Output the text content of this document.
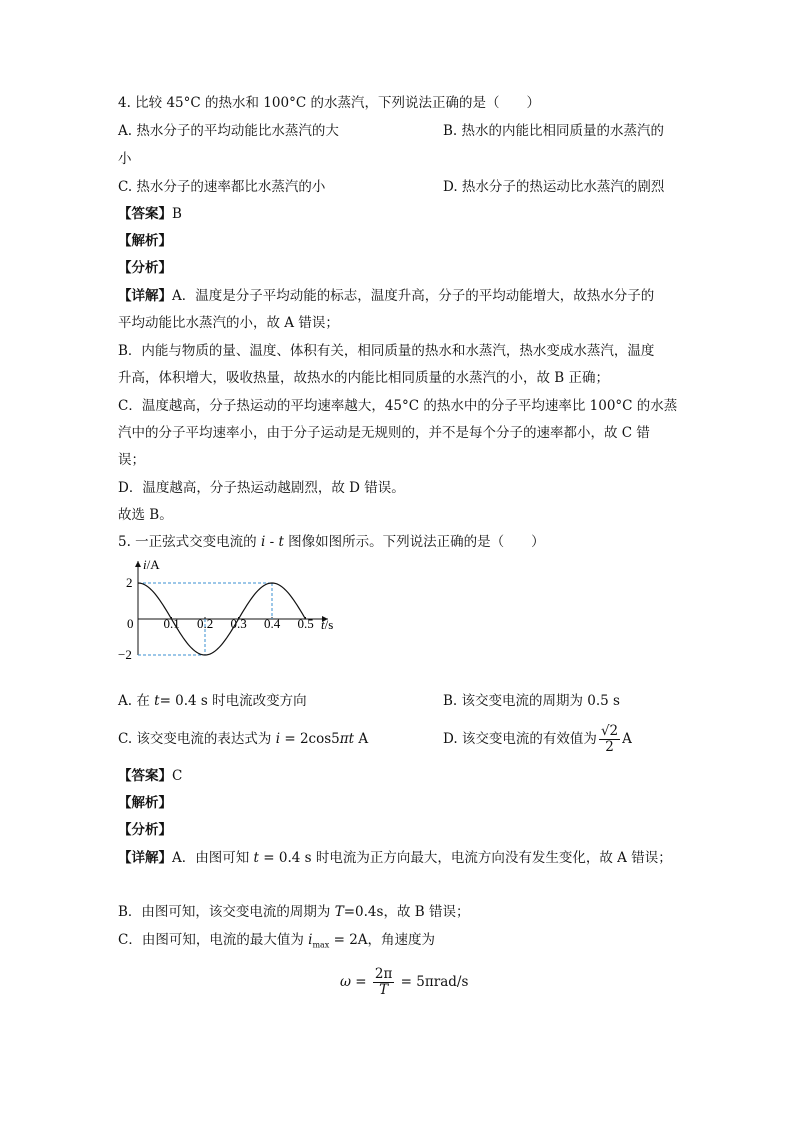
4. 比较 45°C 的热水和 100°C 的水蒸汽，下列说法正确的是（　　）
A. 热水分子的平均动能比水蒸汽的大	B. 热水的内能比相同质量的水蒸汽的
小
C. 热水分子的速率都比水蒸汽的小	D. 热水分子的热运动比水蒸汽的剧烈
【答案】B
【解析】
【分析】
【详解】A．温度是分子平均动能的标志，温度升高，分子的平均动能增大，故热水分子的
平均动能比水蒸汽的小，故 A 错误；
B．内能与物质的量、温度、体积有关，相同质量的热水和水蒸汽，热水变成水蒸汽，温度
升高，体积增大，吸收热量，故热水的内能比相同质量的水蒸汽的小，故 B 正确；
C．温度越高，分子热运动的平均速率越大，45°C 的热水中的分子平均速率比 100°C 的水蒸
汽中的分子平均速率小，由于分子运动是无规则的，并不是每个分子的速率都小，故 C 错
误；
D．温度越高，分子热运动越剧烈，故 D 错误。
故选 B。
5. 一正弦式交变电流的 i - t 图像如图所示。下列说法正确的是（　　）
i/A
t/s
0
2
−2
0.1 0.2 0.3 0.4 0.5
A. 在 t= 0.4 s 时电流改变方向	B. 该交变电流的周期为 0.5 s
C. 该交变电流的表达式为 i = 2cos5πt A	D. 该交变电流的有效值为 $\frac{√2}{2}$ A
【答案】C
【解析】
【分析】
【详解】A．由图可知 t = 0.4 s 时电流为正方向最大，电流方向没有发生变化，故 A 错误；
B．由图可知，该交变电流的周期为 T=0.4s，故 B 错误；
C．由图可知，电流的最大值为 $i_{max} = 2A$，角速度为
$\omega = \frac{2\pi}{T} = 5\pi rad/s$
